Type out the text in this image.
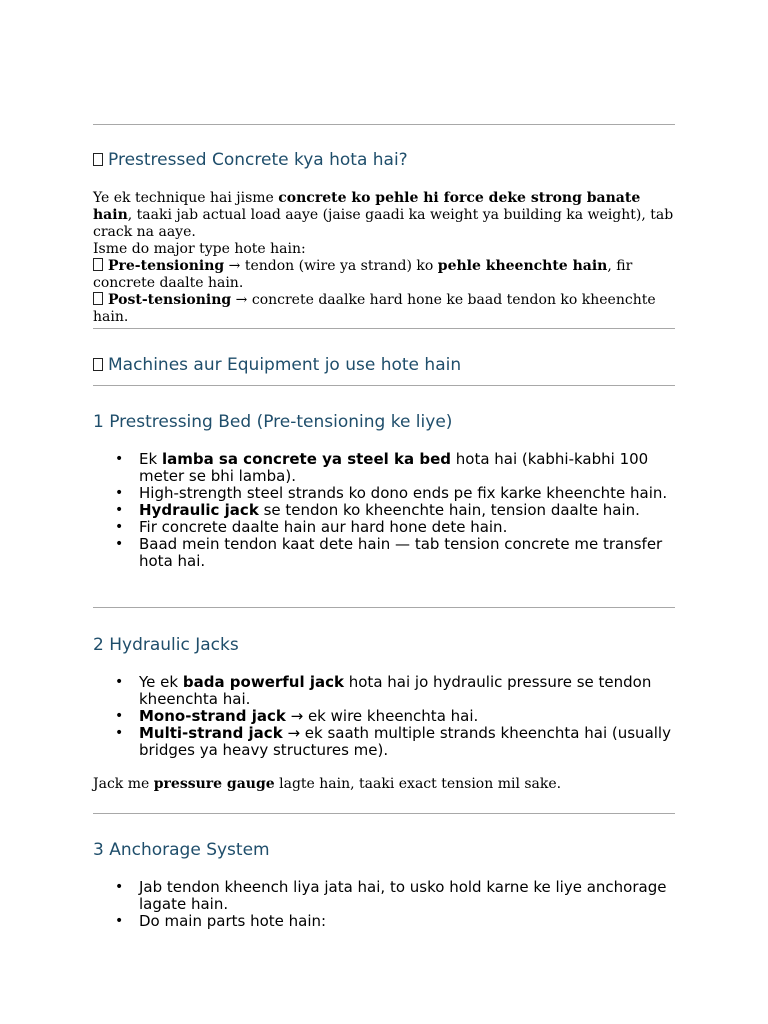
Prestressed Concrete kya hota hai?

Ye ek technique hai jisme concrete ko pehle hi force deke strong banate hain, taaki jab actual load aaye (jaise gaadi ka weight ya building ka weight), tab crack na aaye.

Isme do major type hote hain:

Pre-tensioning → tendon (wire ya strand) ko pehle kheenchte hain, fir concrete daalte hain.

Post-tensioning → concrete daalke hard hone ke baad tendon ko kheenchte hain.

Machines aur Equipment jo use hote hain
1 Prestressing Bed (Pre-tensioning ke liye)
• Ek lamba sa concrete ya steel ka bed hota hai (kabhi-kabhi 100 meter se bhi lamba).
• High-strength steel strands ko dono ends pe fix karke kheenchte hain.
• Hydraulic jack se tendon ko kheenchte hain, tension daalte hain.
• Fir concrete daalte hain aur hard hone dete hain.
• Baad mein tendon kaat dete hain — tab tension concrete me transfer hota hai.
2 Hydraulic Jacks
• Ye ek bada powerful jack hota hai jo hydraulic pressure se tendon kheenchta hai.
• Mono-strand jack → ek wire kheenchta hai.
• Multi-strand jack → ek saath multiple strands kheenchta hai (usually bridges ya heavy structures me).

Jack me pressure gauge lagte hain, taaki exact tension mil sake.

3 Anchorage System
• Jab tendon kheench liya jata hai, to usko hold karne ke liye anchorage lagate hain.
• Do main parts hote hain:
